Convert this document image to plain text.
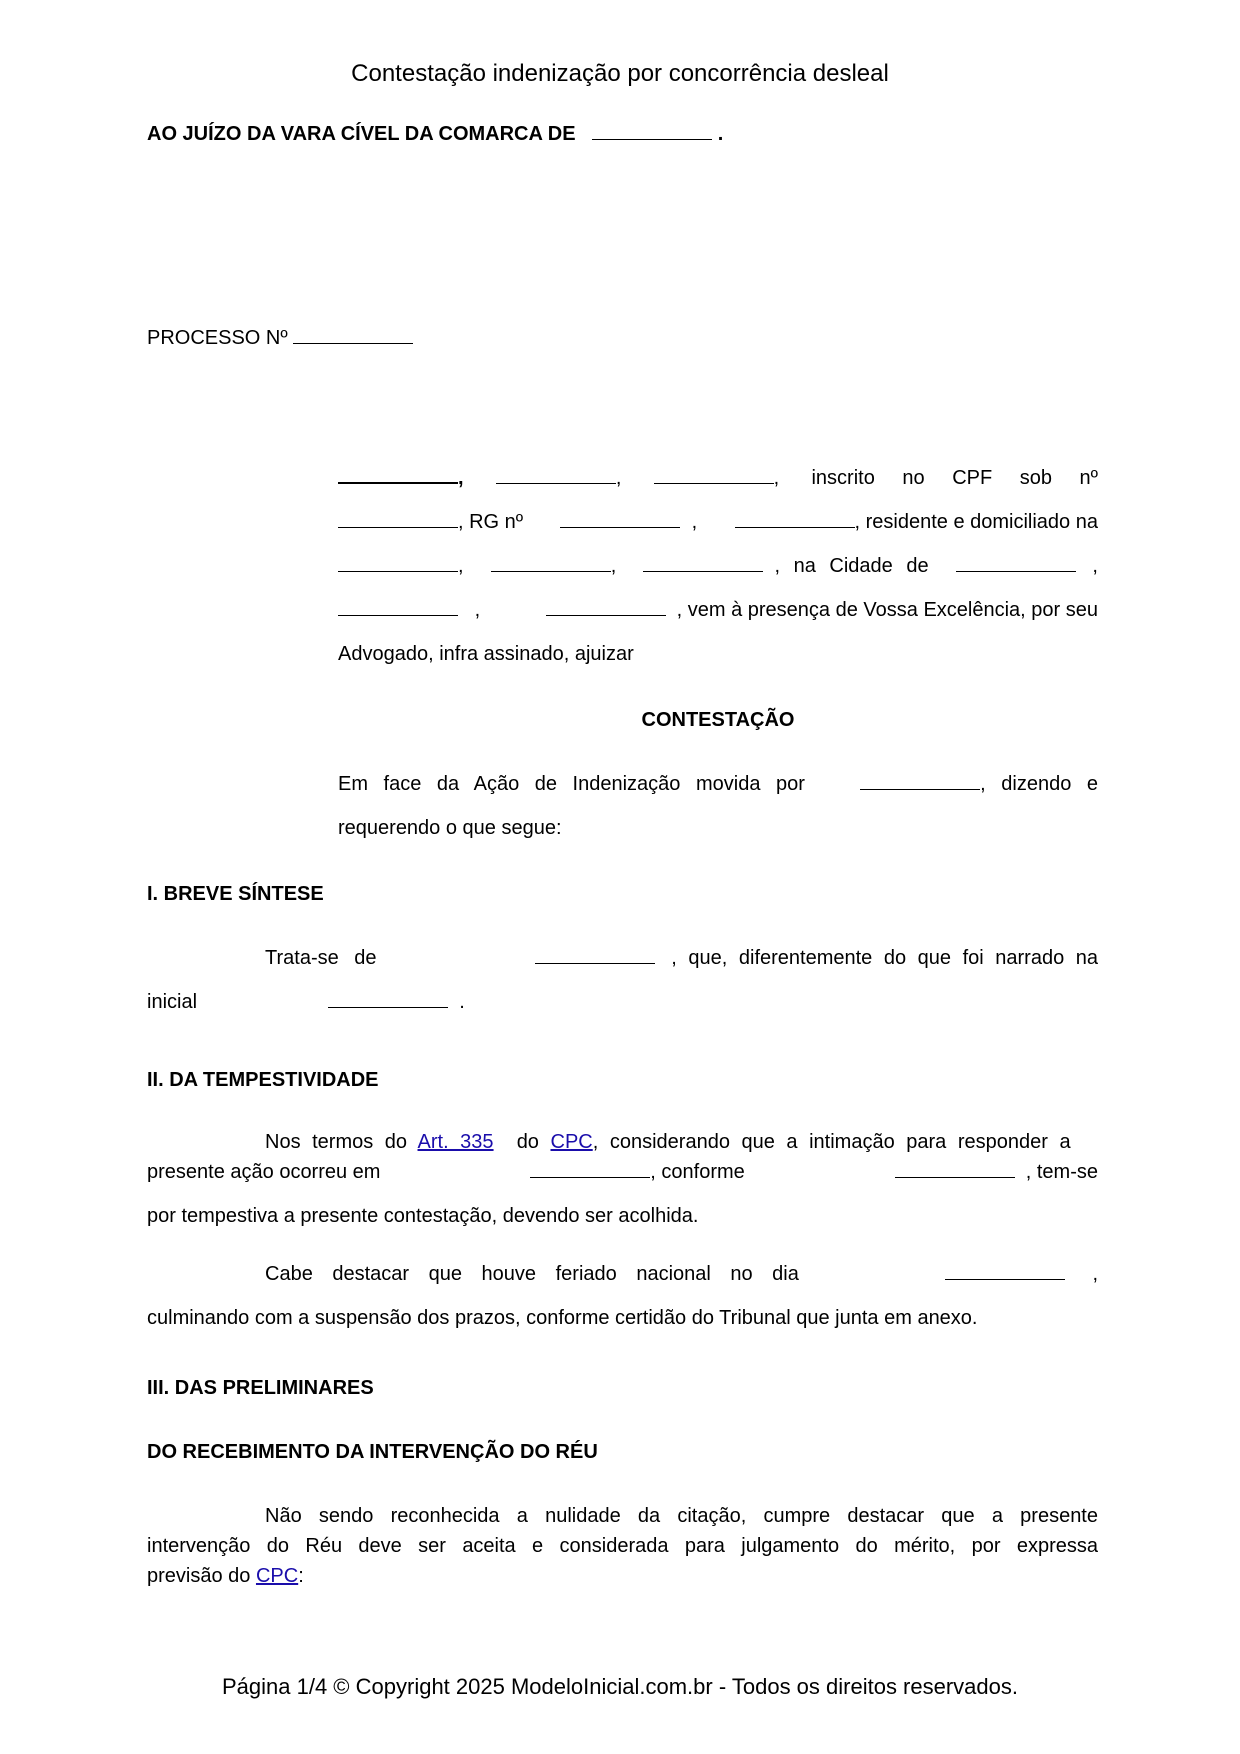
Contestação indenização por concorrência desleal
AO JUÍZO DA VARA CÍVEL DA COMARCA DE	.
PROCESSO Nº
,	,	, inscrito no CPF sob nº
, RG nº	,	, residente e domiciliado na
,	,	, na Cidade de	,
,	, vem à presença de Vossa Excelência, por seu
Advogado, infra assinado, ajuizar
CONTESTAÇÃO
Em face da Ação de Indenização movida por	, dizendo e
requerendo o que segue:
I. BREVE SÍNTESE
Trata-se de	, que, diferentemente do que foi narrado na
inicial	.
II. DA TEMPESTIVIDADE
Nos termos do Art. 335 do CPC, considerando que a intimação para responder a
presente ação ocorreu em	, conforme	, tem-se
por tempestiva a presente contestação, devendo ser acolhida.
Cabe destacar que houve feriado nacional no dia	,
culminando com a suspensão dos prazos, conforme certidão do Tribunal que junta em anexo.
III. DAS PRELIMINARES
DO RECEBIMENTO DA INTERVENÇÃO DO RÉU
Não sendo reconhecida a nulidade da citação, cumpre destacar que a presente
intervenção do Réu deve ser aceita e considerada para julgamento do mérito, por expressa
previsão do CPC:
Página 1/4 © Copyright 2025 ModeloInicial.com.br - Todos os direitos reservados.
